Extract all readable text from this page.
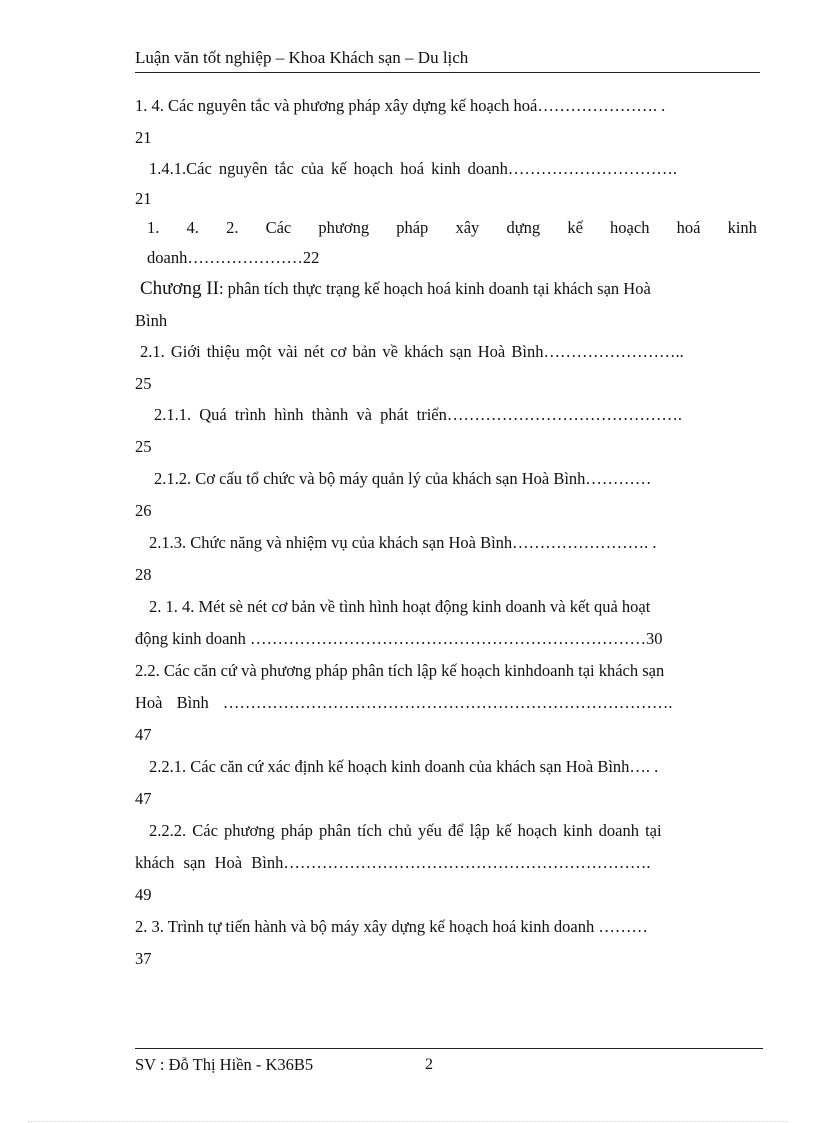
Luận văn tốt nghiệp – Khoa Khách sạn – Du lịch
1. 4. Các nguyên tắc và phương pháp xây dựng kế hoạch hoá…………………. .
21
1.4.1.Các nguyên tắc của kế hoạch hoá kinh doanh………………………….
21
1. 4. 2. Các phương pháp xây dựng kế hoạch hoá kinh
doanh…………………22
Chương II: phân tích thực trạng kế hoạch hoá kinh doanh tại khách sạn Hoà
Bình
2.1. Giới thiệu một vài nét cơ bản về khách sạn Hoà Bình……………………..
25
2.1.1. Quá trình hình thành và phát triển…………………………………….
25
2.1.2. Cơ cấu tổ chức và bộ máy quản lý của khách sạn Hoà Bình…………
26
2.1.3. Chức năng và nhiệm vụ của khách sạn Hoà Bình……………………. .
28
2. 1. 4. Mét sè nét cơ bản về tình hình hoạt động kinh doanh và kết quả hoạt
động kinh doanh ………………………………………………………………30
2.2. Các căn cứ và phương pháp phân tích lập kế hoạch kinhdoanh tại khách sạn
Hoà Bình ……………………………………………………………………….
47
2.2.1. Các căn cứ xác định kế hoạch kinh doanh của khách sạn Hoà Bình…. .
47
2.2.2. Các phương pháp phân tích chủ yếu để lập kế hoạch kinh doanh tại
khách sạn Hoà Bình………………………………………………………….
49
2. 3. Trình tự tiến hành và bộ máy xây dựng kế hoạch hoá kinh doanh ………
37
SV : Đỗ Thị Hiền - K36B5	2
